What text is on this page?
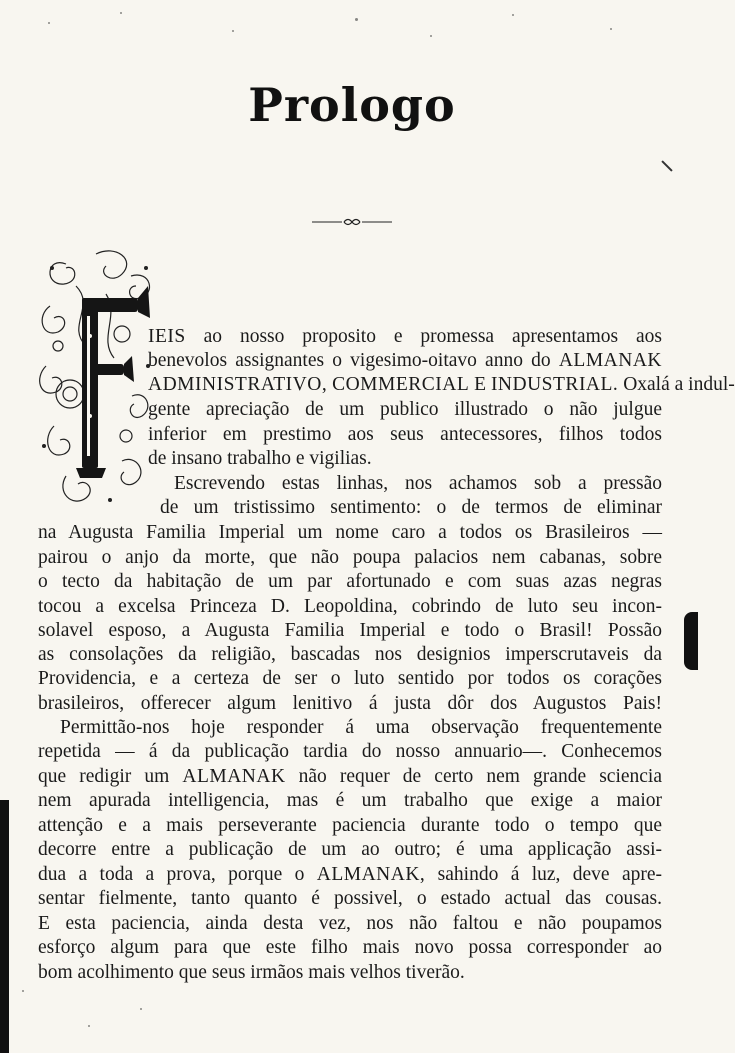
Prologo
IEIS ao nosso proposito e promessa apresentamos aos
benevolos assignantes o vigesimo-oitavo anno do ALMANAK
ADMINISTRATIVO, COMMERCIAL E INDUSTRIAL. Oxalá a indul-
gente apreciação de um publico illustrado o não julgue
inferior em prestimo aos seus antecessores, filhos todos
de insano trabalho e vigilias.
Escrevendo estas linhas, nos achamos sob a pressão
de um tristissimo sentimento: o de termos de eliminar
na Augusta Familia Imperial um nome caro a todos os Brasileiros —
pairou o anjo da morte, que não poupa palacios nem cabanas, sobre
o tecto da habitação de um par afortunado e com suas azas negras
tocou a excelsa Princeza D. Leopoldina, cobrindo de luto seu incon-
solavel esposo, a Augusta Familia Imperial e todo o Brasil! Possão
as consolações da religião, bascadas nos designios imperscrutaveis da
Providencia, e a certeza de ser o luto sentido por todos os corações
brasileiros, offerecer algum lenitivo á justa dôr dos Augustos Pais!
Permittão-nos hoje responder á uma observação frequentemente
repetida — á da publicação tardia do nosso annuario—. Conhecemos
que redigir um ALMANAK não requer de certo nem grande sciencia
nem apurada intelligencia, mas é um trabalho que exige a maior
attenção e a mais perseverante paciencia durante todo o tempo que
decorre entre a publicação de um ao outro; é uma applicação assi-
dua a toda a prova, porque o ALMANAK, sahindo á luz, deve apre-
sentar fielmente, tanto quanto é possivel, o estado actual das cousas.
E esta paciencia, ainda desta vez, nos não faltou e não poupamos
esforço algum para que este filho mais novo possa corresponder ao
bom acolhimento que seus irmãos mais velhos tiverão.
